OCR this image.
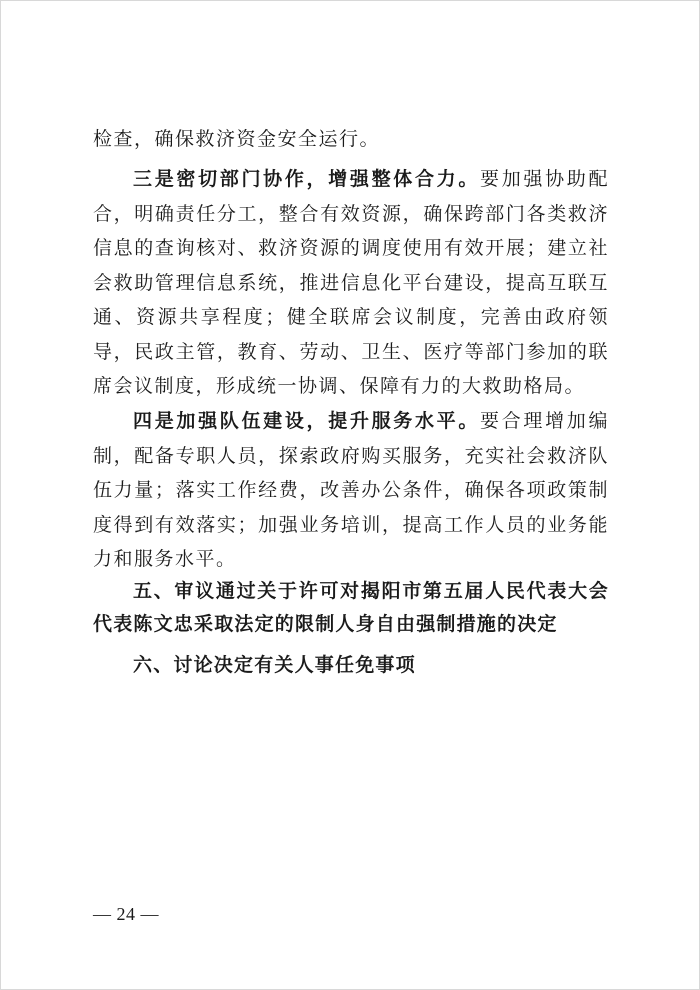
检查，确保救济资金安全运行。

三是密切部门协作，增强整体合力。要加强协助配合，明确责任分工，整合有效资源，确保跨部门各类救济信息的查询核对、救济资源的调度使用有效开展；建立社会救助管理信息系统，推进信息化平台建设，提高互联互通、资源共享程度；健全联席会议制度，完善由政府领导，民政主管，教育、劳动、卫生、医疗等部门参加的联席会议制度，形成统一协调、保障有力的大救助格局。

四是加强队伍建设，提升服务水平。要合理增加编制，配备专职人员，探索政府购买服务，充实社会救济队伍力量；落实工作经费，改善办公条件，确保各项政策制度得到有效落实；加强业务培训，提高工作人员的业务能力和服务水平。

五、审议通过关于许可对揭阳市第五届人民代表大会代表陈文忠采取法定的限制人身自由强制措施的决定
六、讨论决定有关人事任免事项
— 24 —
